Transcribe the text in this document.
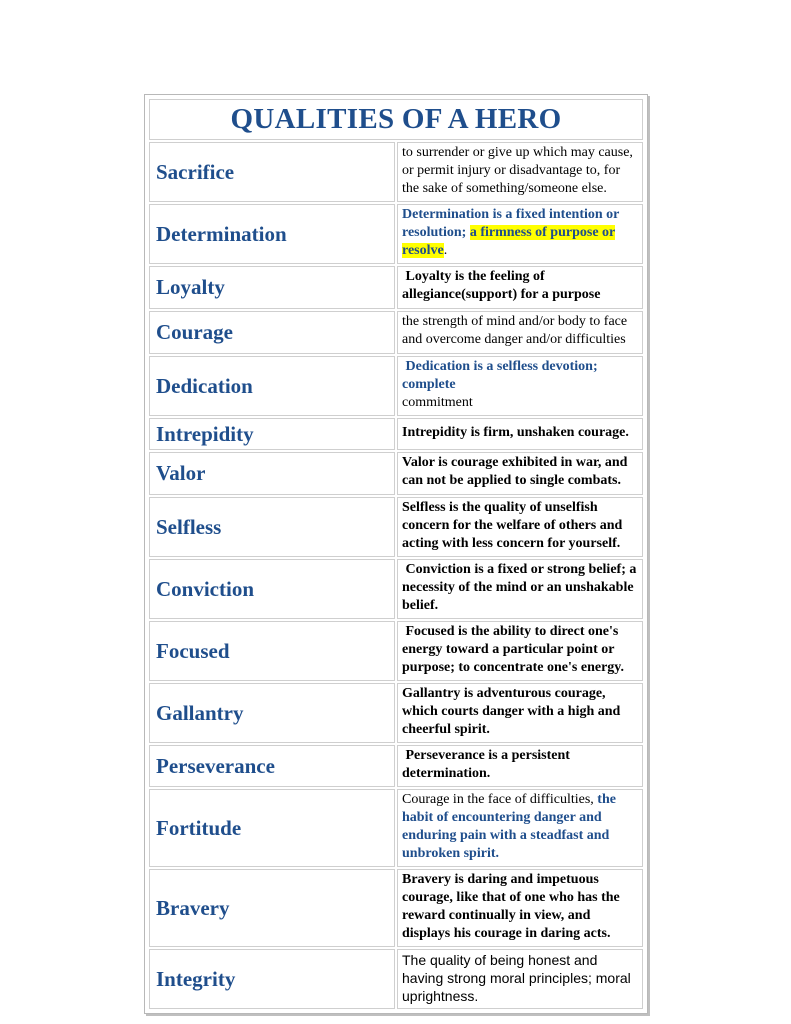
QUALITIES OF A HERO	
Sacrifice	to surrender or give up which may cause, or permit injury or disadvantage to, for the sake of something/someone else.
Determination	Determination is a fixed intention or resolution; a firmness of purpose or resolve.
Loyalty	Loyalty is the feeling of allegiance(support) for a purpose
Courage	the strength of mind and/or body to face and overcome danger and/or difficulties
Dedication	Dedication is a selfless devotion; complete
commitment
Intrepidity	Intrepidity is firm, unshaken courage.
Valor	Valor is courage exhibited in war, and can not be applied to single combats.
Selfless	Selfless is the quality of unselfish concern for the welfare of others and acting with less concern for yourself.
Conviction	Conviction is a fixed or strong belief; a necessity of the mind or an unshakable belief.
Focused	Focused is the ability to direct one's energy toward a particular point or purpose; to concentrate one's energy.
Gallantry	Gallantry is adventurous courage, which courts danger with a high and cheerful spirit.
Perseverance	Perseverance is a persistent determination.
Fortitude	Courage in the face of difficulties, the habit of encountering danger and enduring pain with a steadfast and unbroken spirit.
Bravery	Bravery is daring and impetuous courage, like that of one who has the reward continually in view, and displays his courage in daring acts.
Integrity	The quality of being honest and having strong moral principles; moral uprightness.
